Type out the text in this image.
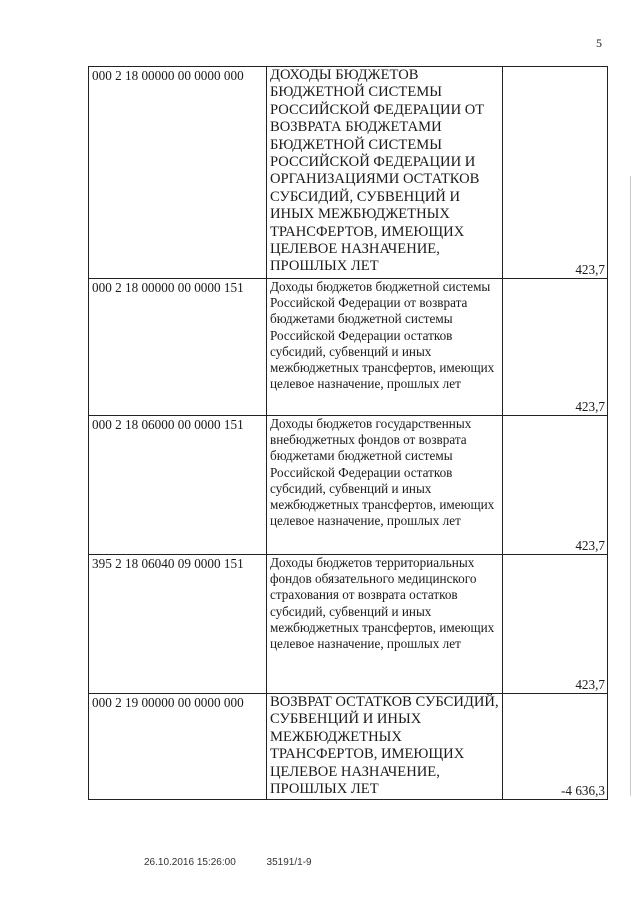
5
000 2 18 00000 00 0000 000	ДОХОДЫ БЮДЖЕТОВ БЮДЖЕТНОЙ СИСТЕМЫ РОССИЙСКОЙ ФЕДЕРАЦИИ ОТ ВОЗВРАТА БЮДЖЕТАМИ БЮДЖЕТНОЙ СИСТЕМЫ РОССИЙСКОЙ ФЕДЕРАЦИИ И ОРГАНИЗАЦИЯМИ ОСТАТКОВ СУБСИДИЙ, СУБВЕНЦИЙ И ИНЫХ МЕЖБЮДЖЕТНЫХ ТРАНСФЕРТОВ, ИМЕЮЩИХ ЦЕЛЕВОЕ НАЗНАЧЕНИЕ, ПРОШЛЫХ ЛЕТ	423,7
000 2 18 00000 00 0000 151	Доходы бюджетов бюджетной системы Российской Федерации от возврата бюджетами бюджетной системы Российской Федерации остатков субсидий, субвенций и иных межбюджетных трансфертов, имеющих целевое назначение, прошлых лет	423,7
000 2 18 06000 00 0000 151	Доходы бюджетов государственных внебюджетных фондов от возврата бюджетами бюджетной системы Российской Федерации остатков субсидий, субвенций и иных межбюджетных трансфертов, имеющих целевое назначение, прошлых лет	423,7
395 2 18 06040 09 0000 151	Доходы бюджетов территориальных фондов обязательного медицинского страхования от возврата остатков субсидий, субвенций и иных межбюджетных трансфертов, имеющих целевое назначение, прошлых лет	423,7
000 2 19 00000 00 0000 000	ВОЗВРАТ ОСТАТКОВ СУБСИДИЙ, СУБВЕНЦИЙ И ИНЫХ МЕЖБЮДЖЕТНЫХ ТРАНСФЕРТОВ, ИМЕЮЩИХ ЦЕЛЕВОЕ НАЗНАЧЕНИЕ, ПРОШЛЫХ ЛЕТ	-4 636,3
26.10.2016 15:26:00	35191/1-9
